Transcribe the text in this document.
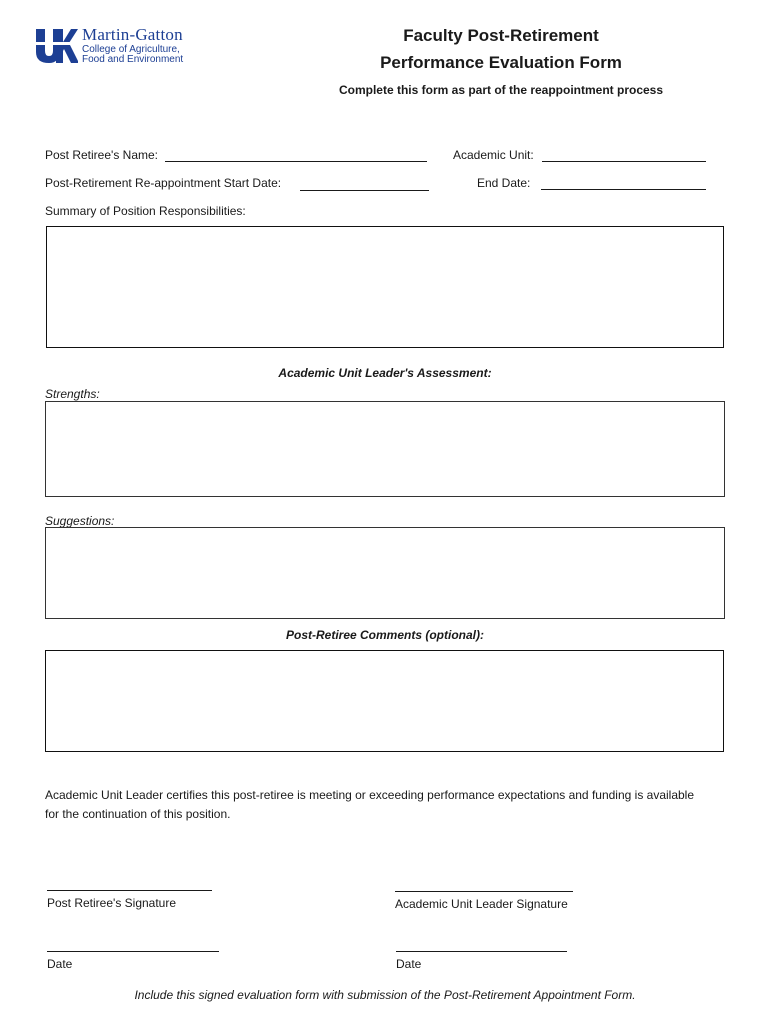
Martin-Gatton
College of Agriculture,
Food and Environment
Faculty Post-Retirement
Performance Evaluation Form
Complete this form as part of the reappointment process
Post Retiree's Name:	Academic Unit:
Post-Retirement Re-appointment Start Date:	End Date:
Summary of Position Responsibilities:
Academic Unit Leader's Assessment:
Strengths:
Suggestions:
Post-Retiree Comments (optional):
Academic Unit Leader certifies this post-retiree is meeting or exceeding performance expectations and funding is available for the continuation of this position.
Post Retiree's Signature	Academic Unit Leader Signature
Date	Date
Include this signed evaluation form with submission of the Post-Retirement Appointment Form.
